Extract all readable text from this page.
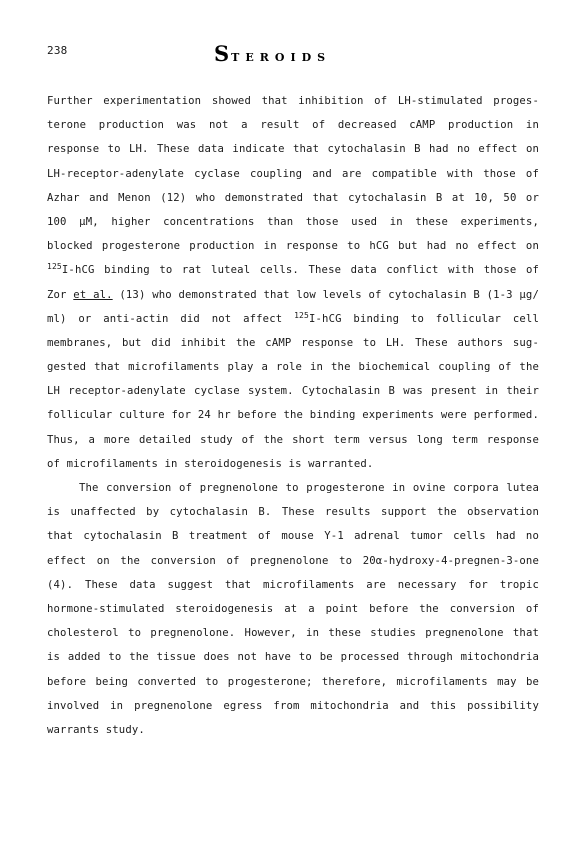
238	STEROIDS
Further experimentation showed that inhibition of LH-stimulated proges-
terone production was not a result of decreased cAMP production in
response to LH. These data indicate that cytochalasin B had no effect on
LH-receptor-adenylate cyclase coupling and are compatible with those of
Azhar and Menon (12) who demonstrated that cytochalasin B at 10, 50 or
100 µM, higher concentrations than those used in these experiments,
blocked progesterone production in response to hCG but had no effect on
$^{125}$I-hCG binding to rat luteal cells. These data conflict with those of
Zor et al. (13) who demonstrated that low levels of cytochalasin B (1-3 µg/
ml) or anti-actin did not affect $^{125}$I-hCG binding to follicular cell
membranes, but did inhibit the cAMP response to LH. These authors sug-
gested that microfilaments play a role in the biochemical coupling of the
LH receptor-adenylate cyclase system. Cytochalasin B was present in their
follicular culture for 24 hr before the binding experiments were performed.
Thus, a more detailed study of the short term versus long term response
of microfilaments in steroidogenesis is warranted.
The conversion of pregnenolone to progesterone in ovine corpora lutea
is unaffected by cytochalasin B. These results support the observation
that cytochalasin B treatment of mouse Y-1 adrenal tumor cells had no
effect on the conversion of pregnenolone to 20α-hydroxy-4-pregnen-3-one
(4). These data suggest that microfilaments are necessary for tropic
hormone-stimulated steroidogenesis at a point before the conversion of
cholesterol to pregnenolone. However, in these studies pregnenolone that
is added to the tissue does not have to be processed through mitochondria
before being converted to progesterone; therefore, microfilaments may be
involved in pregnenolone egress from mitochondria and this possibility
warrants study.
